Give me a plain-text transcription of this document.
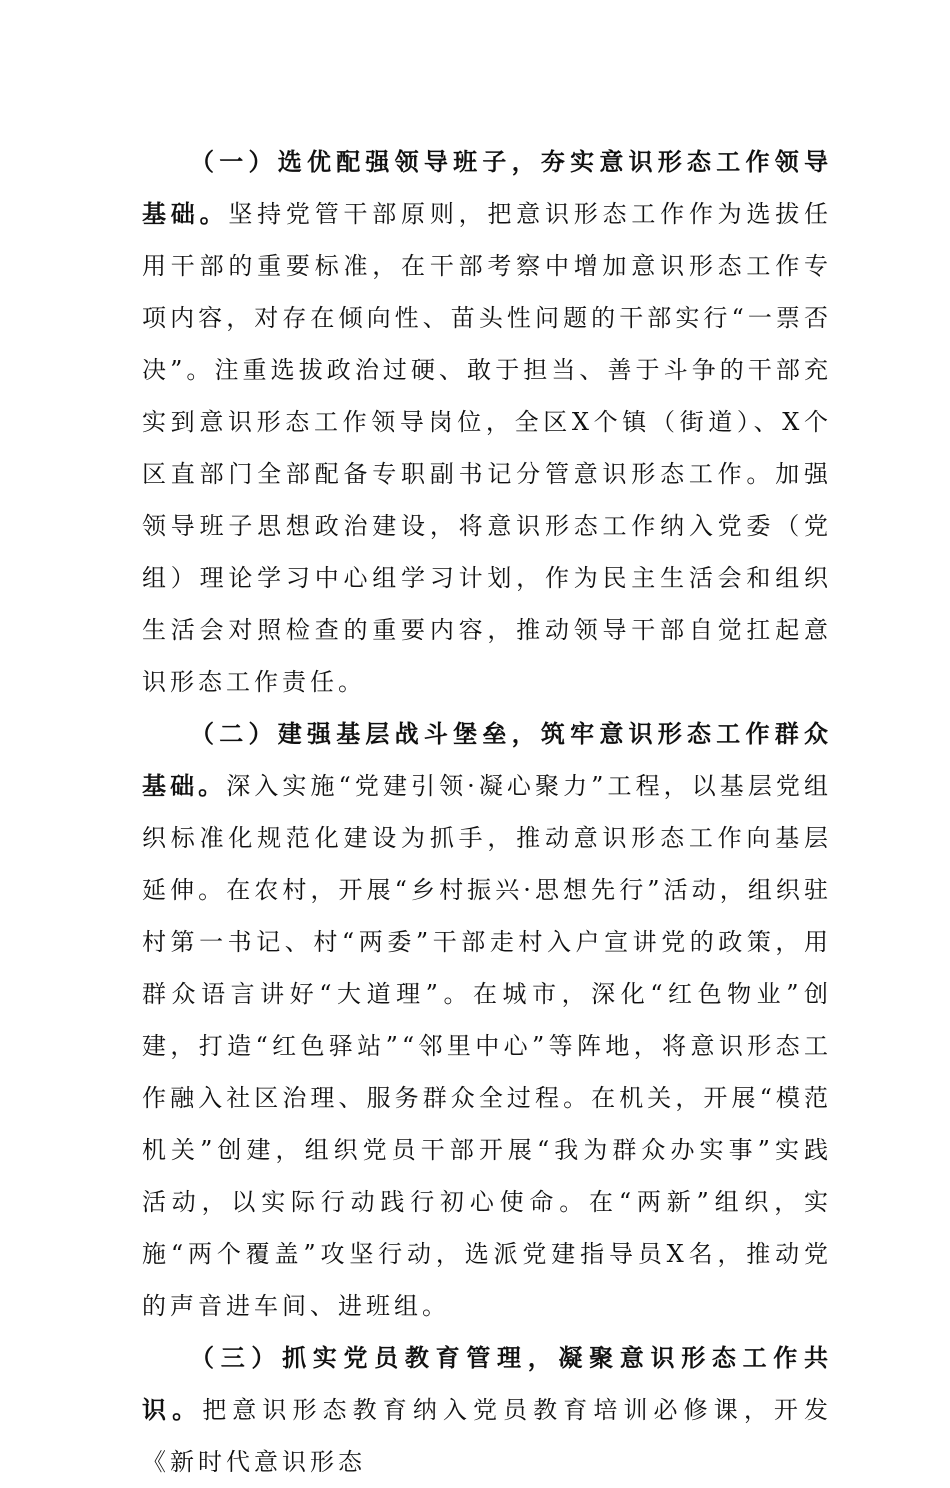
（一）选优配强领导班子，夯实意识形态工作领导基础。坚持党管干部原则，把意识形态工作作为选拔任用干部的重要标准，在干部考察中增加意识形态工作专项内容，对存在倾向性、苗头性问题的干部实行“一票否决”。注重选拔政治过硬、敢于担当、善于斗争的干部充实到意识形态工作领导岗位，全区X个镇（街道）、X个区直部门全部配备专职副书记分管意识形态工作。加强领导班子思想政治建设，将意识形态工作纳入党委（党组）理论学习中心组学习计划，作为民主生活会和组织生活会对照检查的重要内容，推动领导干部自觉扛起意识形态工作责任。

（二）建强基层战斗堡垒，筑牢意识形态工作群众基础。深入实施“党建引领·凝心聚力”工程，以基层党组织标准化规范化建设为抓手，推动意识形态工作向基层延伸。在农村，开展“乡村振兴·思想先行”活动，组织驻村第一书记、村“两委”干部走村入户宣讲党的政策，用群众语言讲好“大道理”。在城市，深化“红色物业”创建，打造“红色驿站”“邻里中心”等阵地，将意识形态工作融入社区治理、服务群众全过程。在机关，开展“模范机关”创建，组织党员干部开展“我为群众办实事”实践活动，以实际行动践行初心使命。在“两新”组织，实施“两个覆盖”攻坚行动，选派党建指导员X名，推动党的声音进车间、进班组。

（三）抓实党员教育管理，凝聚意识形态工作共识。把意识形态教育纳入党员教育培训必修课，开发《新时代意识形态
